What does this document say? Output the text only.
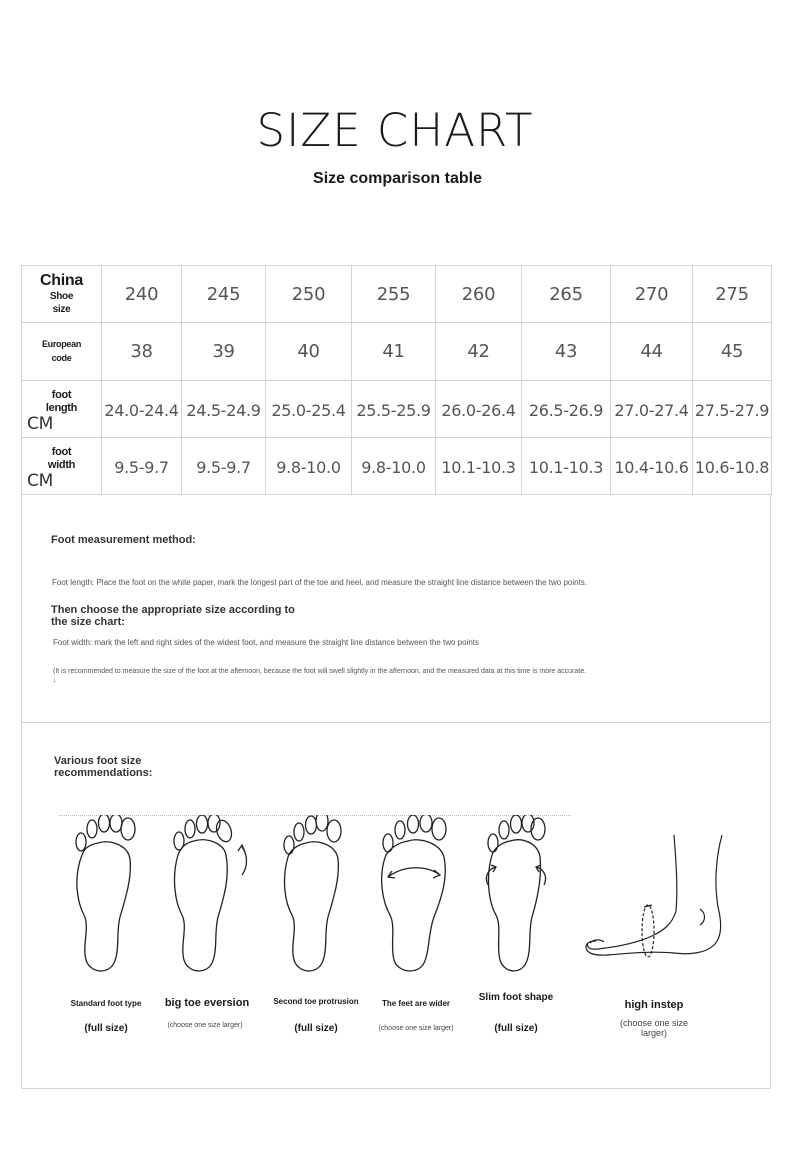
SIZE CHART
Size comparison table
China
Shoe
size	240	245	250	255	260	265	270	275

European
code	38	39	40	41	42	43	44	45

foot
length
CM	24.0-24.4	24.5-24.9	25.0-25.4	25.5-25.9	26.0-26.4	26.5-26.9	27.0-27.4	27.5-27.9

foot
width
CM	9.5-9.7	9.5-9.7	9.8-10.0	9.8-10.0	10.1-10.3	10.1-10.3	10.4-10.6	10.6-10.8
Foot measurement method:
Foot length: Place the foot on the white paper, mark the longest part of the toe and heel, and measure the straight line distance between the two points.
Then choose the appropriate size according to the size chart:
Foot width: mark the left and right sides of the widest foot, and measure the straight line distance between the two points
(It is recommended to measure the size of the foot at the afternoon, because the foot will swell slightly in the afternoon, and the measured data at this time is more accurate.
↓
Various foot size recommendations:
Standard foot type
(full size)
big toe eversion
(choose one size larger)
Second toe protrusion
(full size)
The feet are wider
(choose one size larger)
Slim foot shape
(full size)
high instep
(choose one size larger)
